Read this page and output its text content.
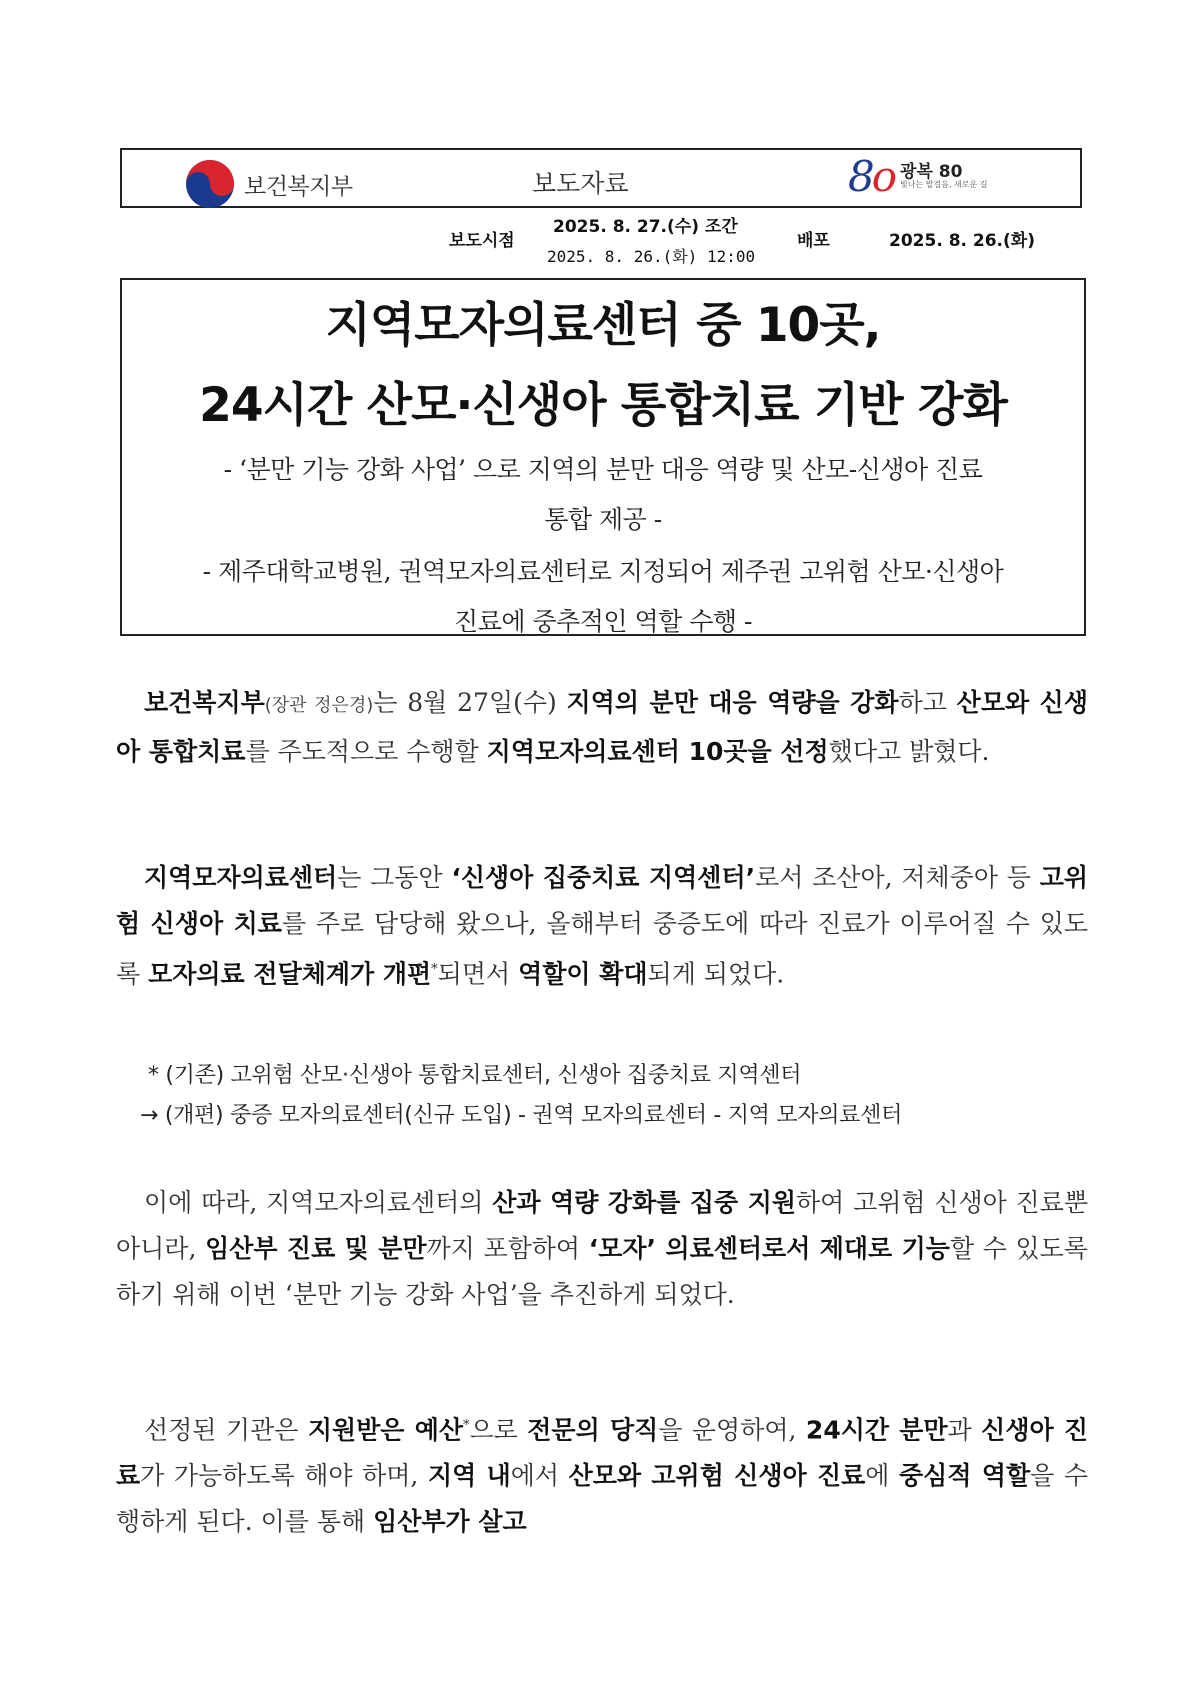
보건복지부	보도자료	8o 광복 80
빛나는 발걸음, 새로운 길
보도시점
2025. 8. 27.(수) 조간
2025. 8. 26.(화) 12:00
배포	2025. 8. 26.(화)
지역모자의료센터 중 10곳,
24시간 산모·신생아 통합치료 기반 강화
- ‘분만 기능 강화 사업’ 으로 지역의 분만 대응 역량 및 산모-신생아 진료
통합 제공 -
- 제주대학교병원, 권역모자의료센터로 지정되어 제주권 고위험 산모·신생아
진료에 중추적인 역할 수행 -
보건복지부(장관 정은경)는 8월 27일(수) 지역의 분만 대응 역량을 강화하고 산모와 신생아 통합치료를 주도적으로 수행할 지역모자의료센터 10곳을 선정했다고 밝혔다.
지역모자의료센터는 그동안 ‘신생아 집중치료 지역센터’로서 조산아, 저체중아 등 고위험 신생아 치료를 주로 담당해 왔으나, 올해부터 중증도에 따라 진료가 이루어질 수 있도록 모자의료 전달체계가 개편*되면서 역할이 확대되게 되었다.
* (기존) 고위험 산모·신생아 통합치료센터, 신생아 집중치료 지역센터
→ (개편) 중증 모자의료센터(신규 도입) - 권역 모자의료센터 - 지역 모자의료센터
이에 따라, 지역모자의료센터의 산과 역량 강화를 집중 지원하여 고위험 신생아 진료뿐 아니라, 임산부 진료 및 분만까지 포함하여 ‘모자’ 의료센터로서 제대로 기능할 수 있도록 하기 위해 이번 ‘분만 기능 강화 사업’을 추진하게 되었다.
선정된 기관은 지원받은 예산*으로 전문의 당직을 운영하여, 24시간 분만과 신생아 진료가 가능하도록 해야 하며, 지역 내에서 산모와 고위험 신생아 진료에 중심적 역할을 수행하게 된다. 이를 통해 임산부가 살고
